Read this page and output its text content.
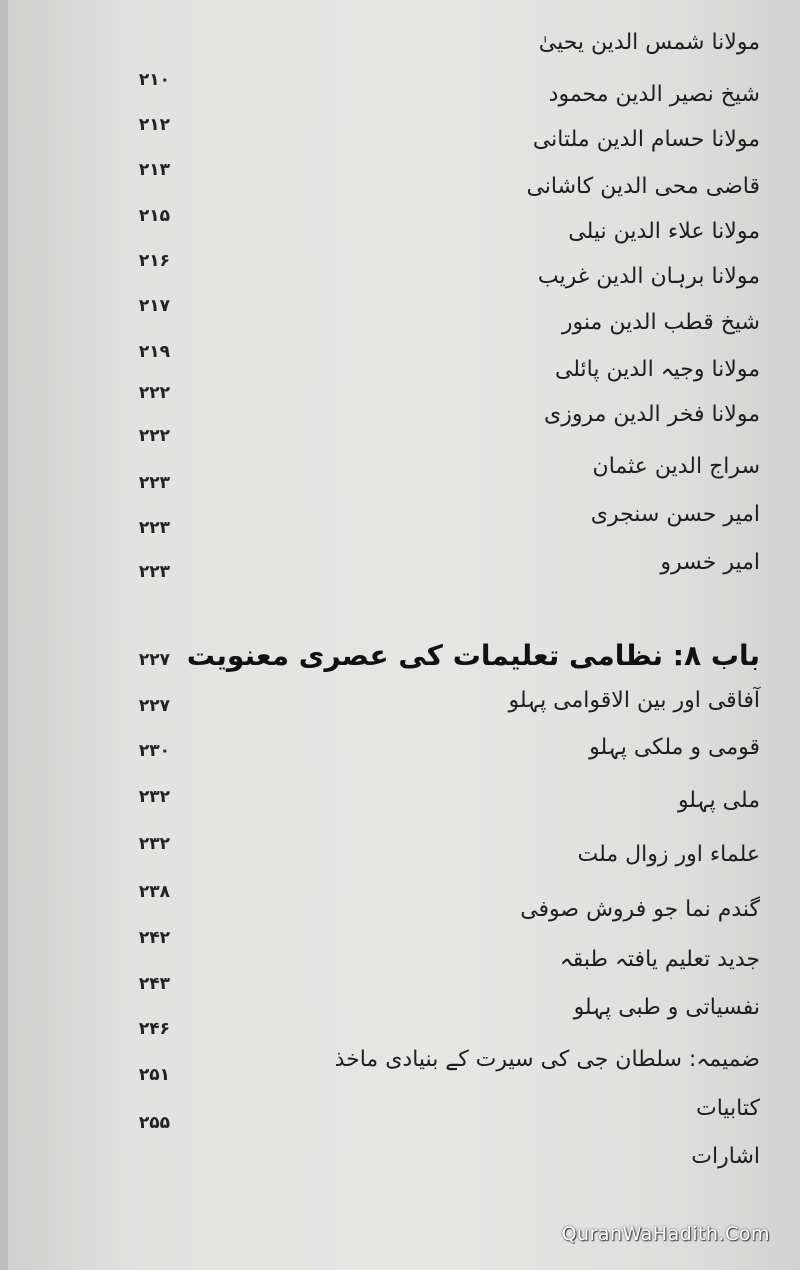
مولانا شمس الدین یحییٰ
شیخ نصیر الدین محمود
۲۱۰
مولانا حسام الدین ملتانی
۲۱۲
قاضی محی الدین کاشانی
۲۱۳
مولانا علاء الدین نیلی
۲۱۵
مولانا برہان الدین غریب
۲۱۶
شیخ قطب الدین منور
۲۱۷
مولانا وجیہ الدین پائلی
۲۱۹
مولانا فخر الدین مروزی
۲۲۲
سراج الدین عثمان
۲۲۲
امیر حسن سنجری
۲۲۳
امیر خسرو
۲۲۳
۲۲۳
باب ۸: نظامی تعلیمات کی عصری معنویت
۲۲۷
آفاقی اور بین الاقوامی پہلو
۲۲۷
قومی و ملکی پہلو
۲۳۰
ملی پہلو
۲۳۲
علماء اور زوال ملت
۲۳۲
گندم نما جو فروش صوفی
۲۳۸
جدید تعلیم یافتہ طبقہ
۲۴۲
نفسیاتی و طبی پہلو
۲۴۳
ضمیمہ: سلطان جی کی سیرت کے بنیادی ماخذ
۲۴۶
کتابیات
۲۵۱
اشارات
۲۵۵
QuranWaHadith.Com
